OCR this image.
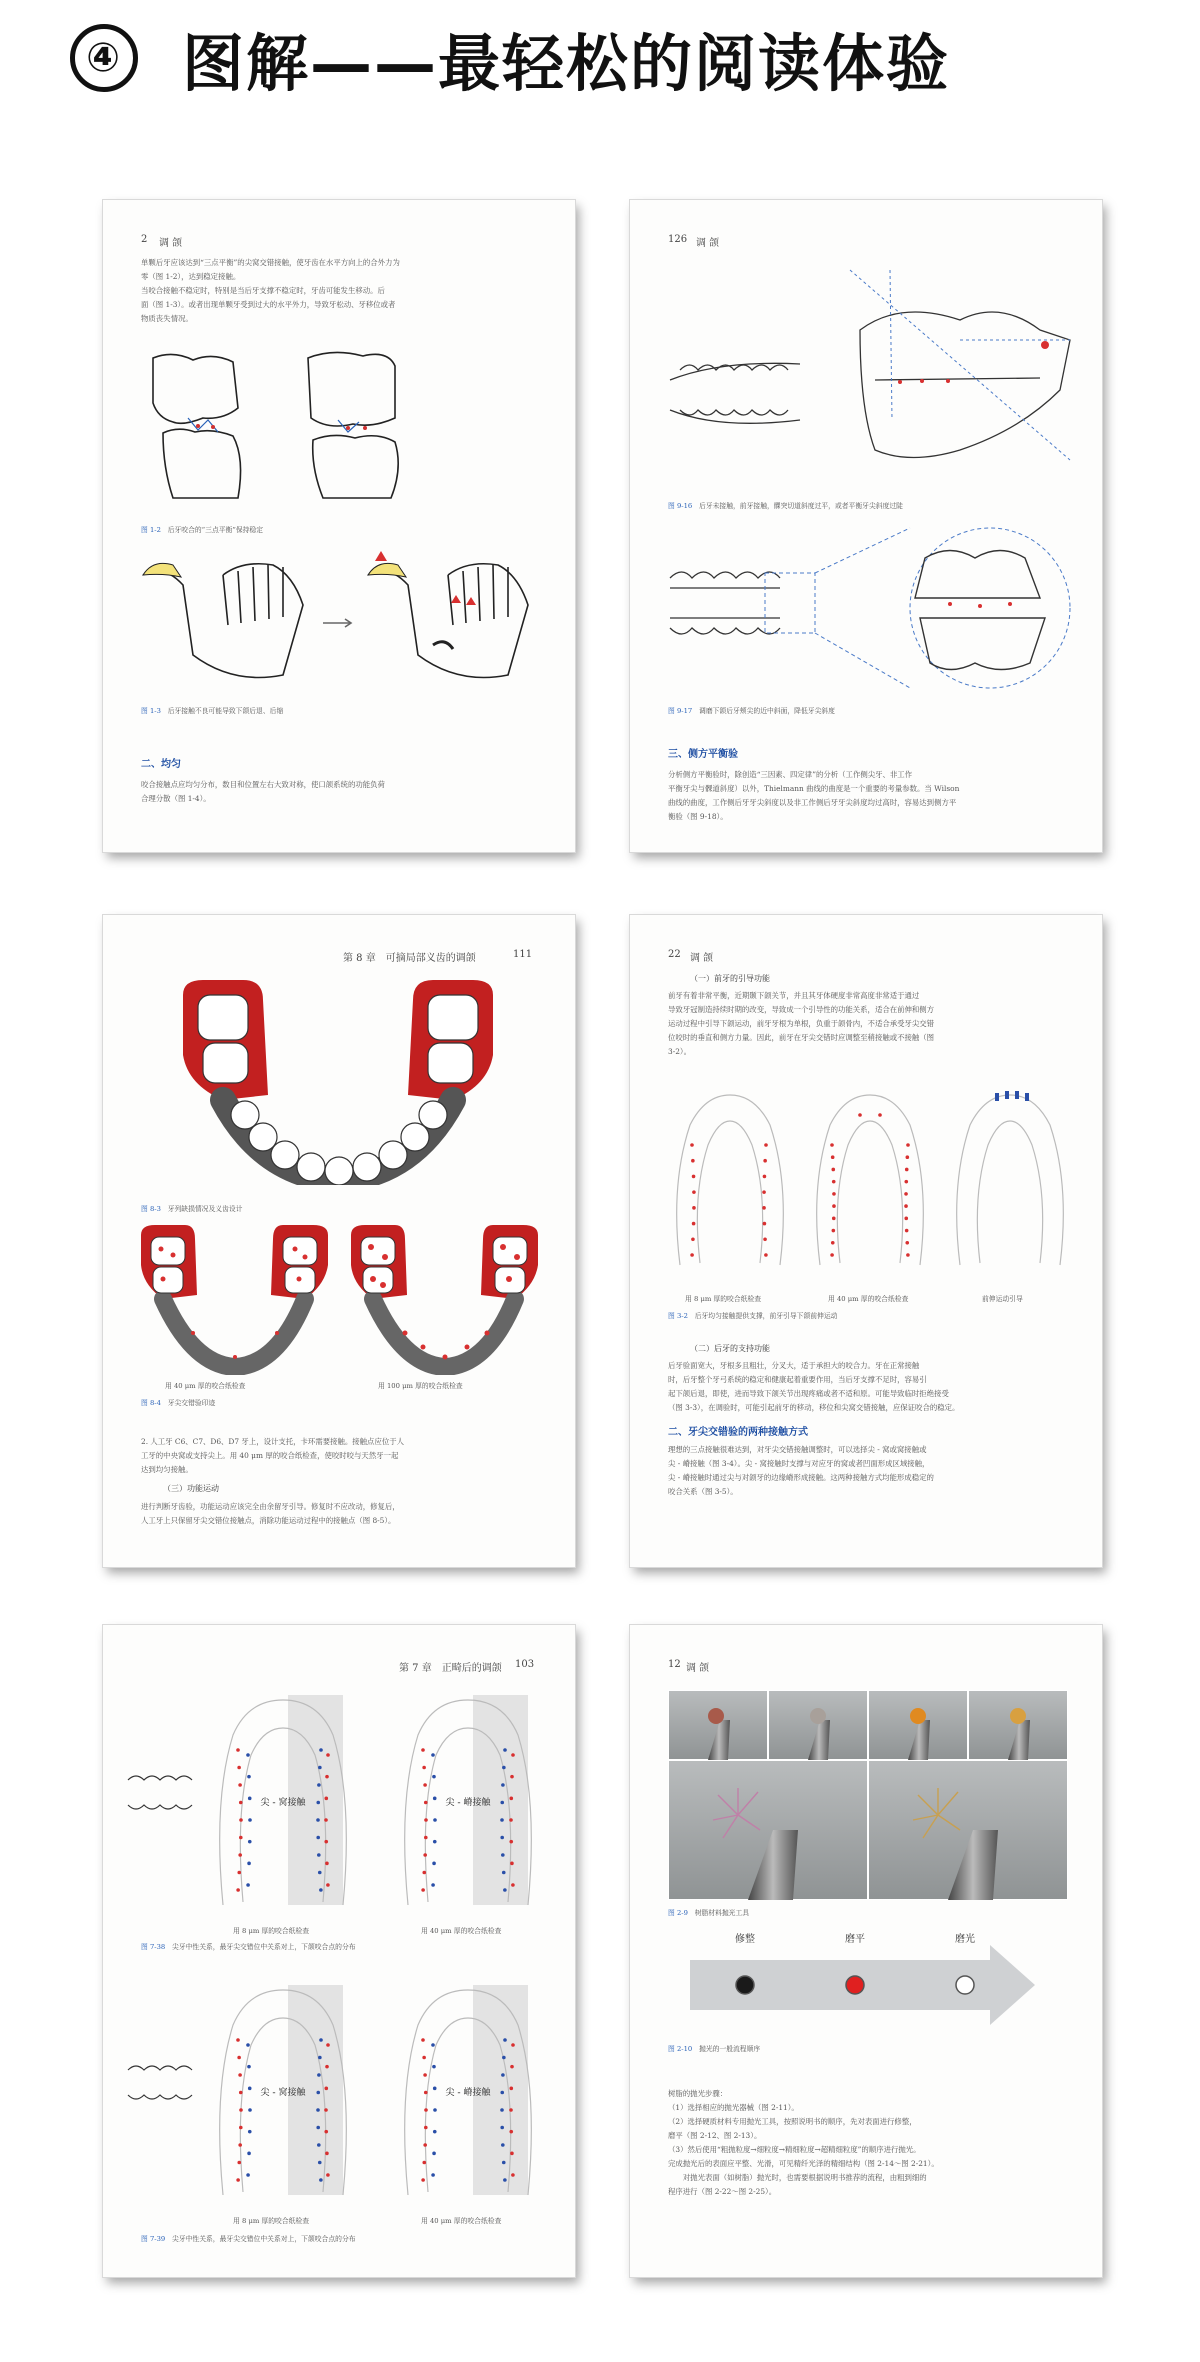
④ 图解——最轻松的阅读体验
2 调 颌
单颗后牙应该达到“三点平衡”的尖窝交错接触，使牙齿在水平方向上的合外力为
零（图 1-2），达到稳定接触。
当咬合接触不稳定时，特别是当后牙支撑不稳定时，牙齿可能发生移动。后
面（图 1-3）。或者出现单颗牙受到过大的水平外力，导致牙松动、牙移位或者
物质丧失情况。
图 1-2　 后牙咬合的“三点平衡”保持稳定
图 1-3　 后牙接触不良可能导致下颌后退、后缩
二、均匀
咬合接触点应均匀分布，数目和位置左右大致对称，使口颌系统的功能负荷
合理分散（图 1-4）。
126 调 颌
图 9-16　 后牙未接触，前牙接触，髁突切道斜度过平，或者平衡牙尖斜度过陡
图 9-17　 调磨下颌后牙颊尖的近中斜面，降低牙尖斜度
三、侧方平衡验
分析侧方平衡验时，除创造“三因素、四定律”的分析（工作侧尖牙、非工作
平衡牙尖与髁道斜度）以外，Thielmann 曲线的曲度是一个重要的考量参数。当 Wilson
曲线的曲度，工作侧后牙牙尖斜度以及非工作侧后牙牙尖斜度均过高时，容易达到侧方平
衡验（图 9-18）。
第 8 章　可摘局部义齿的调颌	111
图 8-3　 牙列缺损情况及义齿设计
用 40 μm 厚的咬合纸检查	用 100 μm 厚的咬合纸检查
图 8-4　 牙尖交错验印迹
2. 人工牙 C6、C7、D6、D7 牙上，设计支托，卡环需要接触。接触点应位于人
工牙的中央窝或支持尖上。用 40 μm 厚的咬合纸检查，使咬时咬与天然牙一起
达到均匀接触。
（三）功能运动
进行判断牙齿验，功能运动应该完全由余留牙引导。修复时不应改动，修复后，
人工牙上只保留牙尖交错位接触点，消除功能运动过程中的接触点（图 8-5）。
22 调 颌
（一）前牙的引导功能
前牙有着非常平衡，近期颞下颌关节，并且其牙体硬度非常高度非常适于通过
导致牙冠制造持续时期的改变，导致成一个引导性的功能关系，适合在前伸和侧方
运动过程中引导下颌运动，前牙牙根为单根，负重于颌骨内，不适合承受牙尖交错
位咬时的垂直和侧方力量。因此，前牙在牙尖交错时应调整至稍接触或不接触（图
3-2）。
用 8 μm 厚的咬合纸检查	用 40 μm 厚的咬合纸检查	前伸运动引导
图 3-2　 后牙均匀接触提供支撑，前牙引导下颌前伸运动
（二）后牙的支持功能
后牙验面宽大，牙根多且粗壮，分叉大，适于承担大的咬合力。牙在正常接触
时，后牙整个牙弓系统的稳定和健康起着重要作用，当后牙支撑不足时，容易引
起下颌后退，即使，进而导致下颌关节出现疼痛或者不适和原。可能导致临时拒绝接受
（图 3-3），在调验时，可能引起前牙的移动，移位和尖窝交错接触，应保证咬合的稳定。
二、牙尖交错验的两种接触方式
理想的三点接触很难达到，对牙尖交错接触调整时，可以选择尖 - 窝或窝接触或
尖 - 嵴接触（图 3-4）。尖 - 窝接触时支撑与对应牙的窝或者凹面形成区域接触，
尖 - 嵴接触时通过尖与对颌牙的边缘嵴形成接触。这两种接触方式均能形成稳定的
咬合关系（图 3-5）。
第 7 章　正畸后的调颌 103
尖 - 窝接触	尖 - 嵴接触
用 8 μm 厚的咬合纸检查	用 40 μm 厚的咬合纸检查
图 7-38　 尖牙中性关系，最牙尖交错位中关系对上，下颌咬合点的分布
尖 - 窝接触	尖 - 嵴接触
用 8 μm 厚的咬合纸检查	用 40 μm 厚的咬合纸检查
图 7-39　 尖牙中性关系，最牙尖交错位中关系对上，下颌咬合点的分布
12 调 颌
图 2-9　 树脂材料抛光工具
修整	磨平	磨光
图 2-10　 抛光的一般流程顺序
树脂的抛光步骤：
（1）选择相应的抛光器械（图 2-11）。
（2）选择硬质材料专用抛光工具，按照说明书的顺序，先对表面进行修整，
磨平（图 2-12、图 2-13）。
（3）然后使用“粗抛粒度→细粒度→精细粒度→超精细粒度”的顺序进行抛光。
完成抛光后的表面应平整、光滑，可见精纤光泽的精细结构（图 2-14～图 2-21）。
　　对抛光表面（如树脂）抛光时，也需要根据说明书推荐的流程，由粗到细的
程序进行（图 2-22～图 2-25）。
